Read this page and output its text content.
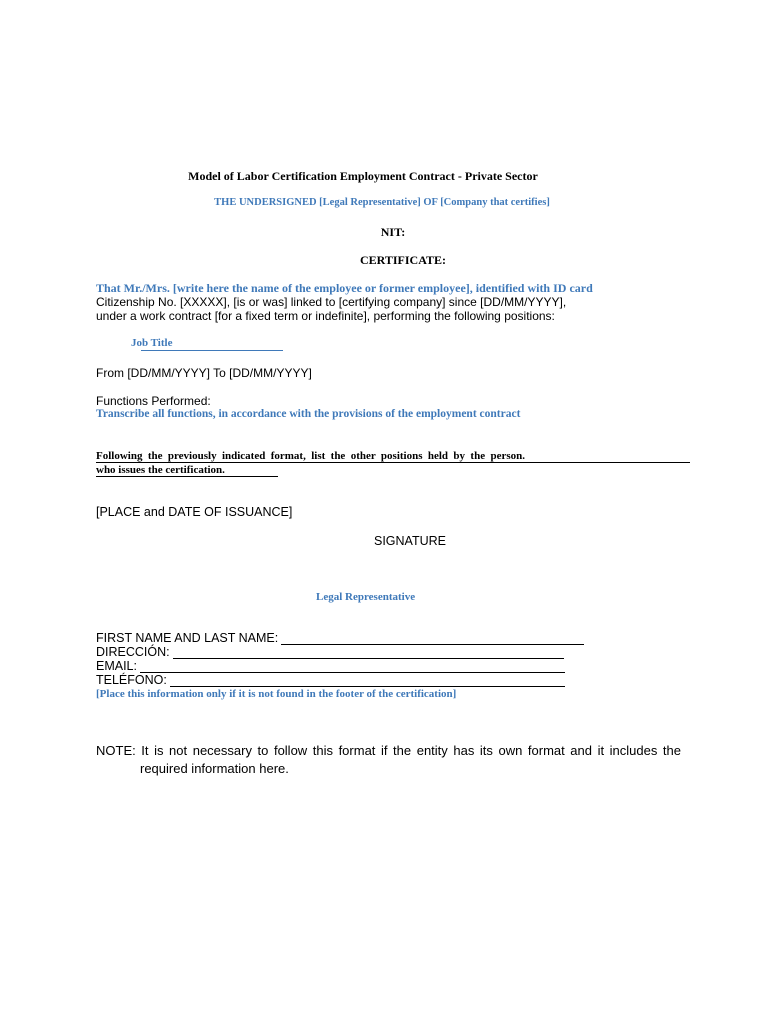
Model of Labor Certification Employment Contract - Private Sector
THE UNDERSIGNED [Legal Representative] OF [Company that certifies]
NIT:
CERTIFICATE:
That Mr./Mrs. [write here the name of the employee or former employee], identified with ID card
Citizenship No. [XXXXX], [is or was] linked to [certifying company] since [DD/MM/YYYY],
under a work contract [for a fixed term or indefinite], performing the following positions:
Job Title
From [DD/MM/YYYY] To [DD/MM/YYYY]
Functions Performed:
Transcribe all functions, in accordance with the provisions of the employment contract
Following the previously indicated format, list the other positions held by the person.
who issues the certification.
[PLACE and DATE OF ISSUANCE]
SIGNATURE
Legal Representative
FIRST NAME AND LAST NAME:
DIRECCIÓN:
EMAIL:
TELÉFONO:
[Place this information only if it is not found in the footer of the certification]
NOTE: It is not necessary to follow this format if the entity has its own format and it includes the
required information here.
